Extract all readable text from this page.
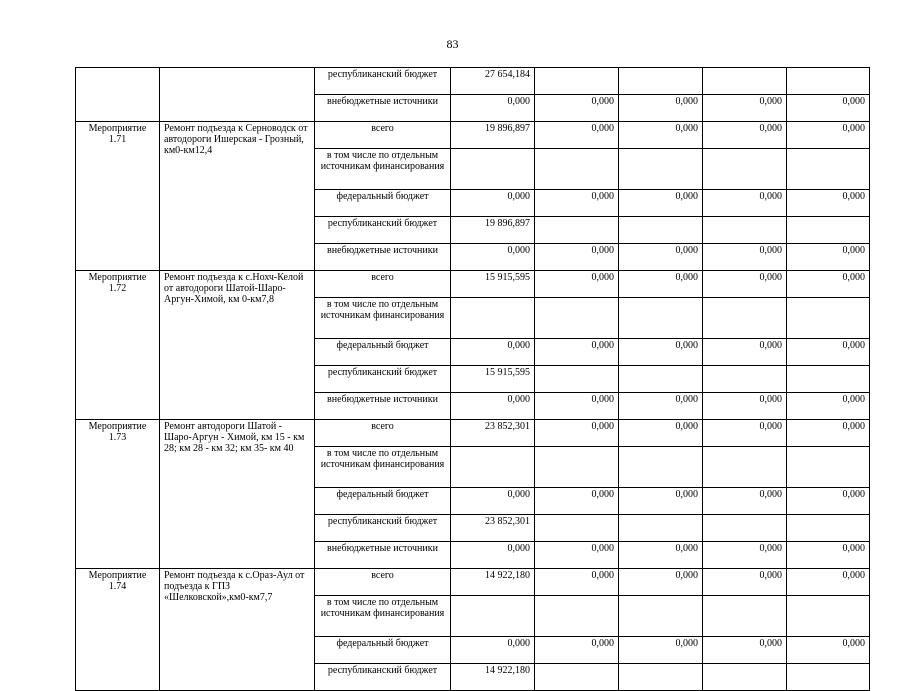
83
		республиканский бюджет	27 654,184				
		внебюджетные источники	0,000	0,000	0,000	0,000	0,000
Мероприятие 1.71	Ремонт подъезда к Серноводск от автодороги Ишерская - Грозный, км0-км12,4	всего	19 896,897	0,000	0,000	0,000	0,000
		в том числе по отдельным источникам финансирования					
		федеральный бюджет	0,000	0,000	0,000	0,000	0,000
		республиканский бюджет	19 896,897				
		внебюджетные источники	0,000	0,000	0,000	0,000	0,000
Мероприятие 1.72	Ремонт подъезда к с.Нохч-Келой от автодороги Шатой-Шаро-Аргун-Химой, км 0-км7,8	всего	15 915,595	0,000	0,000	0,000	0,000
		в том числе по отдельным источникам финансирования					
		федеральный бюджет	0,000	0,000	0,000	0,000	0,000
		республиканский бюджет	15 915,595				
		внебюджетные источники	0,000	0,000	0,000	0,000	0,000
Мероприятие 1.73	Ремонт автодороги Шатой - Шаро-Аргун - Химой, км 15 - км 28; км 28 - км 32; км 35- км 40	всего	23 852,301	0,000	0,000	0,000	0,000
		в том числе по отдельным источникам финансирования					
		федеральный бюджет	0,000	0,000	0,000	0,000	0,000
		республиканский бюджет	23 852,301				
		внебюджетные источники	0,000	0,000	0,000	0,000	0,000
Мероприятие 1.74	Ремонт подъезда к с.Ораз-Аул от подъезда к ГПЗ «Шелковской»,км0-км7,7	всего	14 922,180	0,000	0,000	0,000	0,000
		в том числе по отдельным источникам финансирования					
		федеральный бюджет	0,000	0,000	0,000	0,000	0,000
		республиканский бюджет	14 922,180				
